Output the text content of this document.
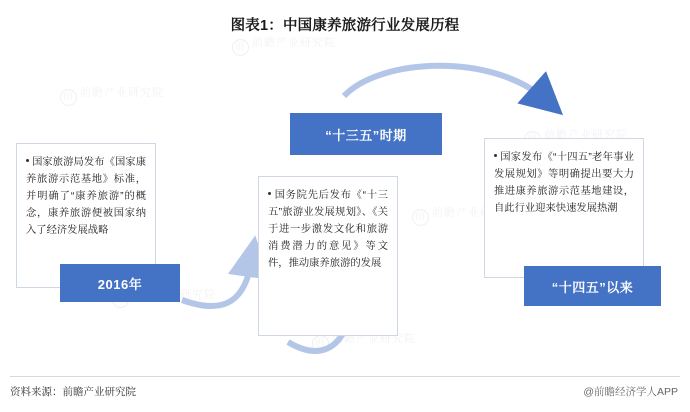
图表1：中国康养旅游行业发展历程
前 前瞻产业研究院
前 前瞻产业研究院
前 前瞻产业研究院
前瞻产业研究院
前 前瞻产业研究院
国家旅游局发布《国家康养旅游示范基地》标准，并明确了“康养旅游”的概念，康养旅游便被国家纳入了经济发展战略
国务院先后发布《“十三五”旅游业发展规划》、《关于进一步激发文化和旅游消费潜力的意见》等文件，推动康养旅游的发展
国家发布《“十四五”老年事业发展规划》等明确提出要大力推进康养旅游示范基地建设，自此行业迎来快速发展热潮
2016年
“十三五”时期
“十四五”以来
资料来源：前瞻产业研究院	@前瞻经济学人APP
